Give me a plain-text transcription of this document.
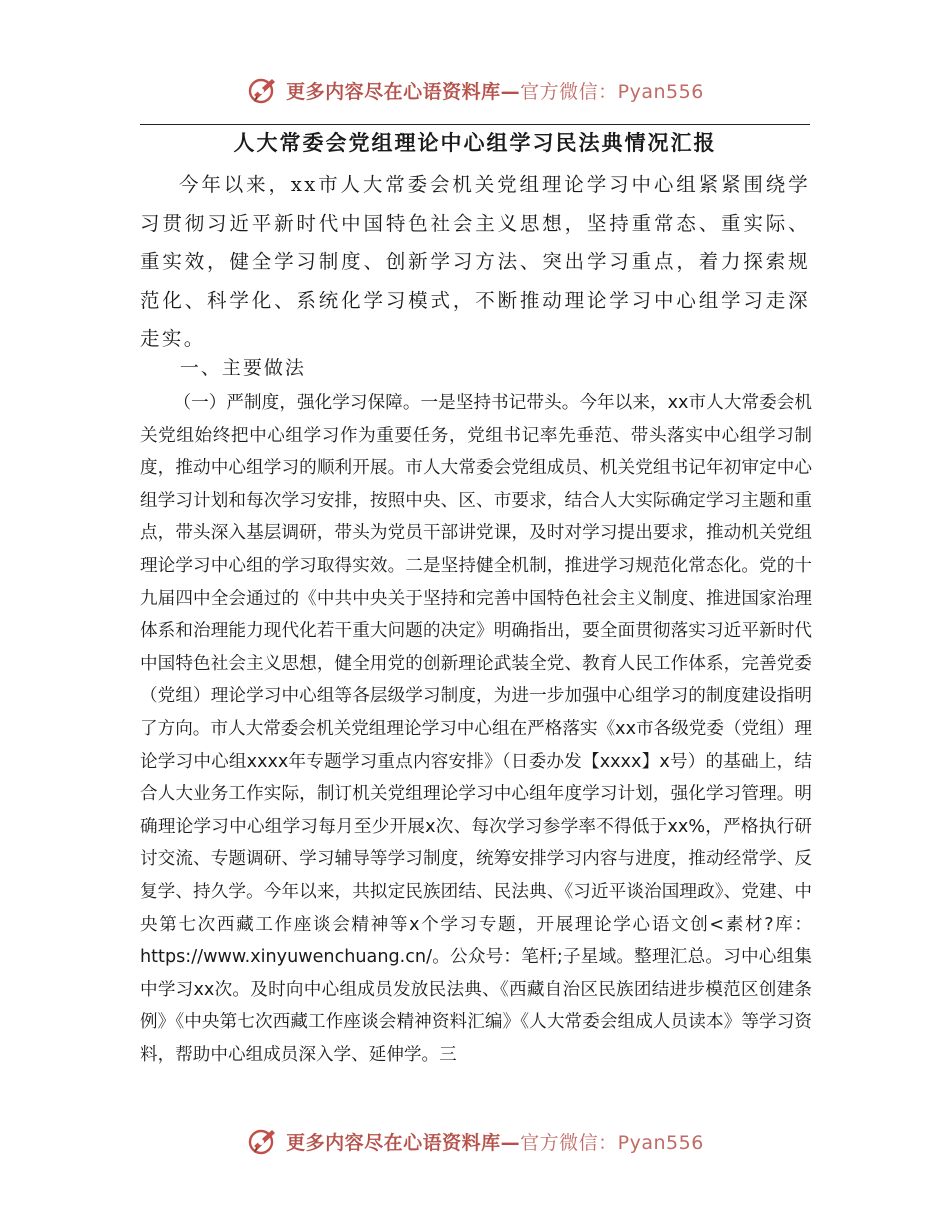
更多内容尽在心语资料库—官方微信：Pyan556
人大常委会党组理论中心组学习民法典情况汇报

今年以来，xx市人大常委会机关党组理论学习中心组紧紧围绕学习贯彻习近平新时代中国特色社会主义思想，坚持重常态、重实际、重实效，健全学习制度、创新学习方法、突出学习重点，着力探索规范化、科学化、系统化学习模式，不断推动理论学习中心组学习走深走实。

一、主要做法

（一）严制度，强化学习保障。一是坚持书记带头。今年以来，xx市人大常委会机关党组始终把中心组学习作为重要任务，党组书记率先垂范、带头落实中心组学习制度，推动中心组学习的顺利开展。市人大常委会党组成员、机关党组书记年初审定中心组学习计划和每次学习安排，按照中央、区、市要求，结合人大实际确定学习主题和重点，带头深入基层调研，带头为党员干部讲党课，及时对学习提出要求，推动机关党组理论学习中心组的学习取得实效。二是坚持健全机制，推进学习规范化常态化。党的十九届四中全会通过的《中共中央关于坚持和完善中国特色社会主义制度、推进国家治理体系和治理能力现代化若干重大问题的决定》明确指出，要全面贯彻落实习近平新时代中国特色社会主义思想，健全用党的创新理论武装全党、教育人民工作体系，完善党委（党组）理论学习中心组等各层级学习制度，为进一步加强中心组学习的制度建设指明了方向。市人大常委会机关党组理论学习中心组在严格落实《xx市各级党委（党组）理论学习中心组xxxx年专题学习重点内容安排》（日委办发【xxxx】x号）的基础上，结合人大业务工作实际，制订机关党组理论学习中心组年度学习计划，强化学习管理。明确理论学习中心组学习每月至少开展x次、每次学习参学率不得低于xx%，严格执行研讨交流、专题调研、学习辅导等学习制度，统筹安排学习内容与进度，推动经常学、反复学、持久学。今年以来，共拟定民族团结、民法典、《习近平谈治国理政》、党建、中央第七次西藏工作座谈会精神等x个学习专题，开展理论学心语文创<素材?库：https://www.xinyuwenchuang.cn/。公众号：笔杆;子星域。整理汇总。习中心组集中学习xx次。及时向中心组成员发放民法典、《西藏自治区民族团结进步模范区创建条例》《中央第七次西藏工作座谈会精神资料汇编》《人大常委会组成人员读本》等学习资料，帮助中心组成员深入学、延伸学。三

更多内容尽在心语资料库—官方微信：Pyan556
